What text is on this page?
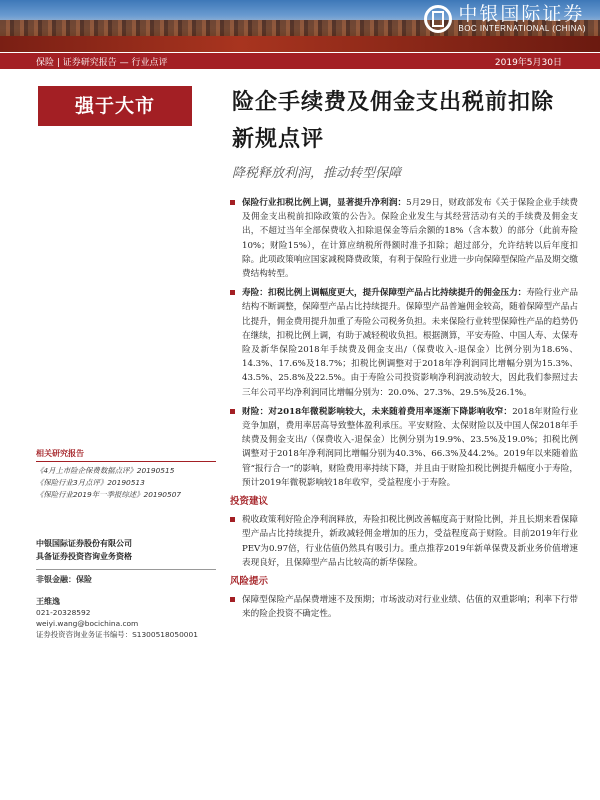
中银国际证券
BOC INTERNATIONAL (CHINA)
保险 | 证券研究报告 — 行业点评	2019年5月30日
强于大市	险企手续费及佣金支出税前扣除新规点评
降税释放利润，推动转型保障
保险行业扣税比例上调，显著提升净利润：5月29日，财政部发布《关于保险企业手续费及佣金支出税前扣除政策的公告》。保险企业发生与其经营活动有关的手续费及佣金支出，不超过当年全部保费收入扣除退保金等后余额的18%（含本数）的部分（此前寿险10%；财险15%），在计算应纳税所得额时准予扣除；超过部分，允许结转以后年度扣除。此项政策响应国家减税降费政策，有利于保险行业进一步向保障型保险产品及期交缴费结构转型。
寿险：扣税比例上调幅度更大，提升保障型产品占比持续提升的佣金压力：寿险行业产品结构不断调整，保障型产品占比持续提升。保障型产品普遍佣金较高，随着保障型产品占比提升，佣金费用提升加重了寿险公司税务负担。未来保险行业转型保障性产品的趋势仍在继续，扣税比例上调，有助于减轻税收负担。根据测算，平安寿险、中国人寿、太保寿险及新华保险2018年手续费及佣金支出/（保费收入-退保金）比例分别为18.6%、14.3%、17.6%及18.7%；扣税比例调整对于2018年净利润同比增幅分别为15.3%、43.5%、25.8%及22.5%。由于寿险公司投资影响净利润波动较大，因此我们参照过去三年公司平均净利润同比增幅分别为：20.0%、27.3%、29.5%及26.1%。
财险：对2018年微税影响较大，未来随着费用率逐渐下降影响收窄：2018年财险行业竞争加剧，费用率居高导致整体盈利承压。平安财险、太保财险以及中国人保2018年手续费及佣金支出/（保费收入-退保金）比例分别为19.9%、23.5%及19.0%；扣税比例调整对于2018年净利润同比增幅分别为40.3%、66.3%及44.2%。2019年以来随着监管“报行合一”的影响，财险费用率持续下降，并且由于财险扣税比例提升幅度小于寿险，预计2019年微税影响较18年收窄，受益程度小于寿险。
投资建议
税收政策利好险企净利润释放，寿险扣税比例改善幅度高于财险比例，并且长期来看保障型产品占比持续提升，新政减轻佣金增加的压力，受益程度高于财险。目前2019年行业PEV为0.97倍，行业估值仍然具有吸引力。重点推荐2019年新单保费及新业务价值增速表现良好，且保障型产品占比较高的新华保险。
风险提示
保障型保险产品保费增速不及预期；市场波动对行业业绩、估值的双重影响；利率下行带来的险企投资不确定性。
相关研究报告
《4月上市险企保费数据点评》20190515
《保险行业3月点评》20190513
《保险行业2019年一季报综述》20190507
中银国际证券股份有限公司
具备证券投资咨询业务资格
非银金融：保险
王维逸
021-20328592
weiyi.wang@bocichina.com
证券投资咨询业务证书编号：S1300518050001
